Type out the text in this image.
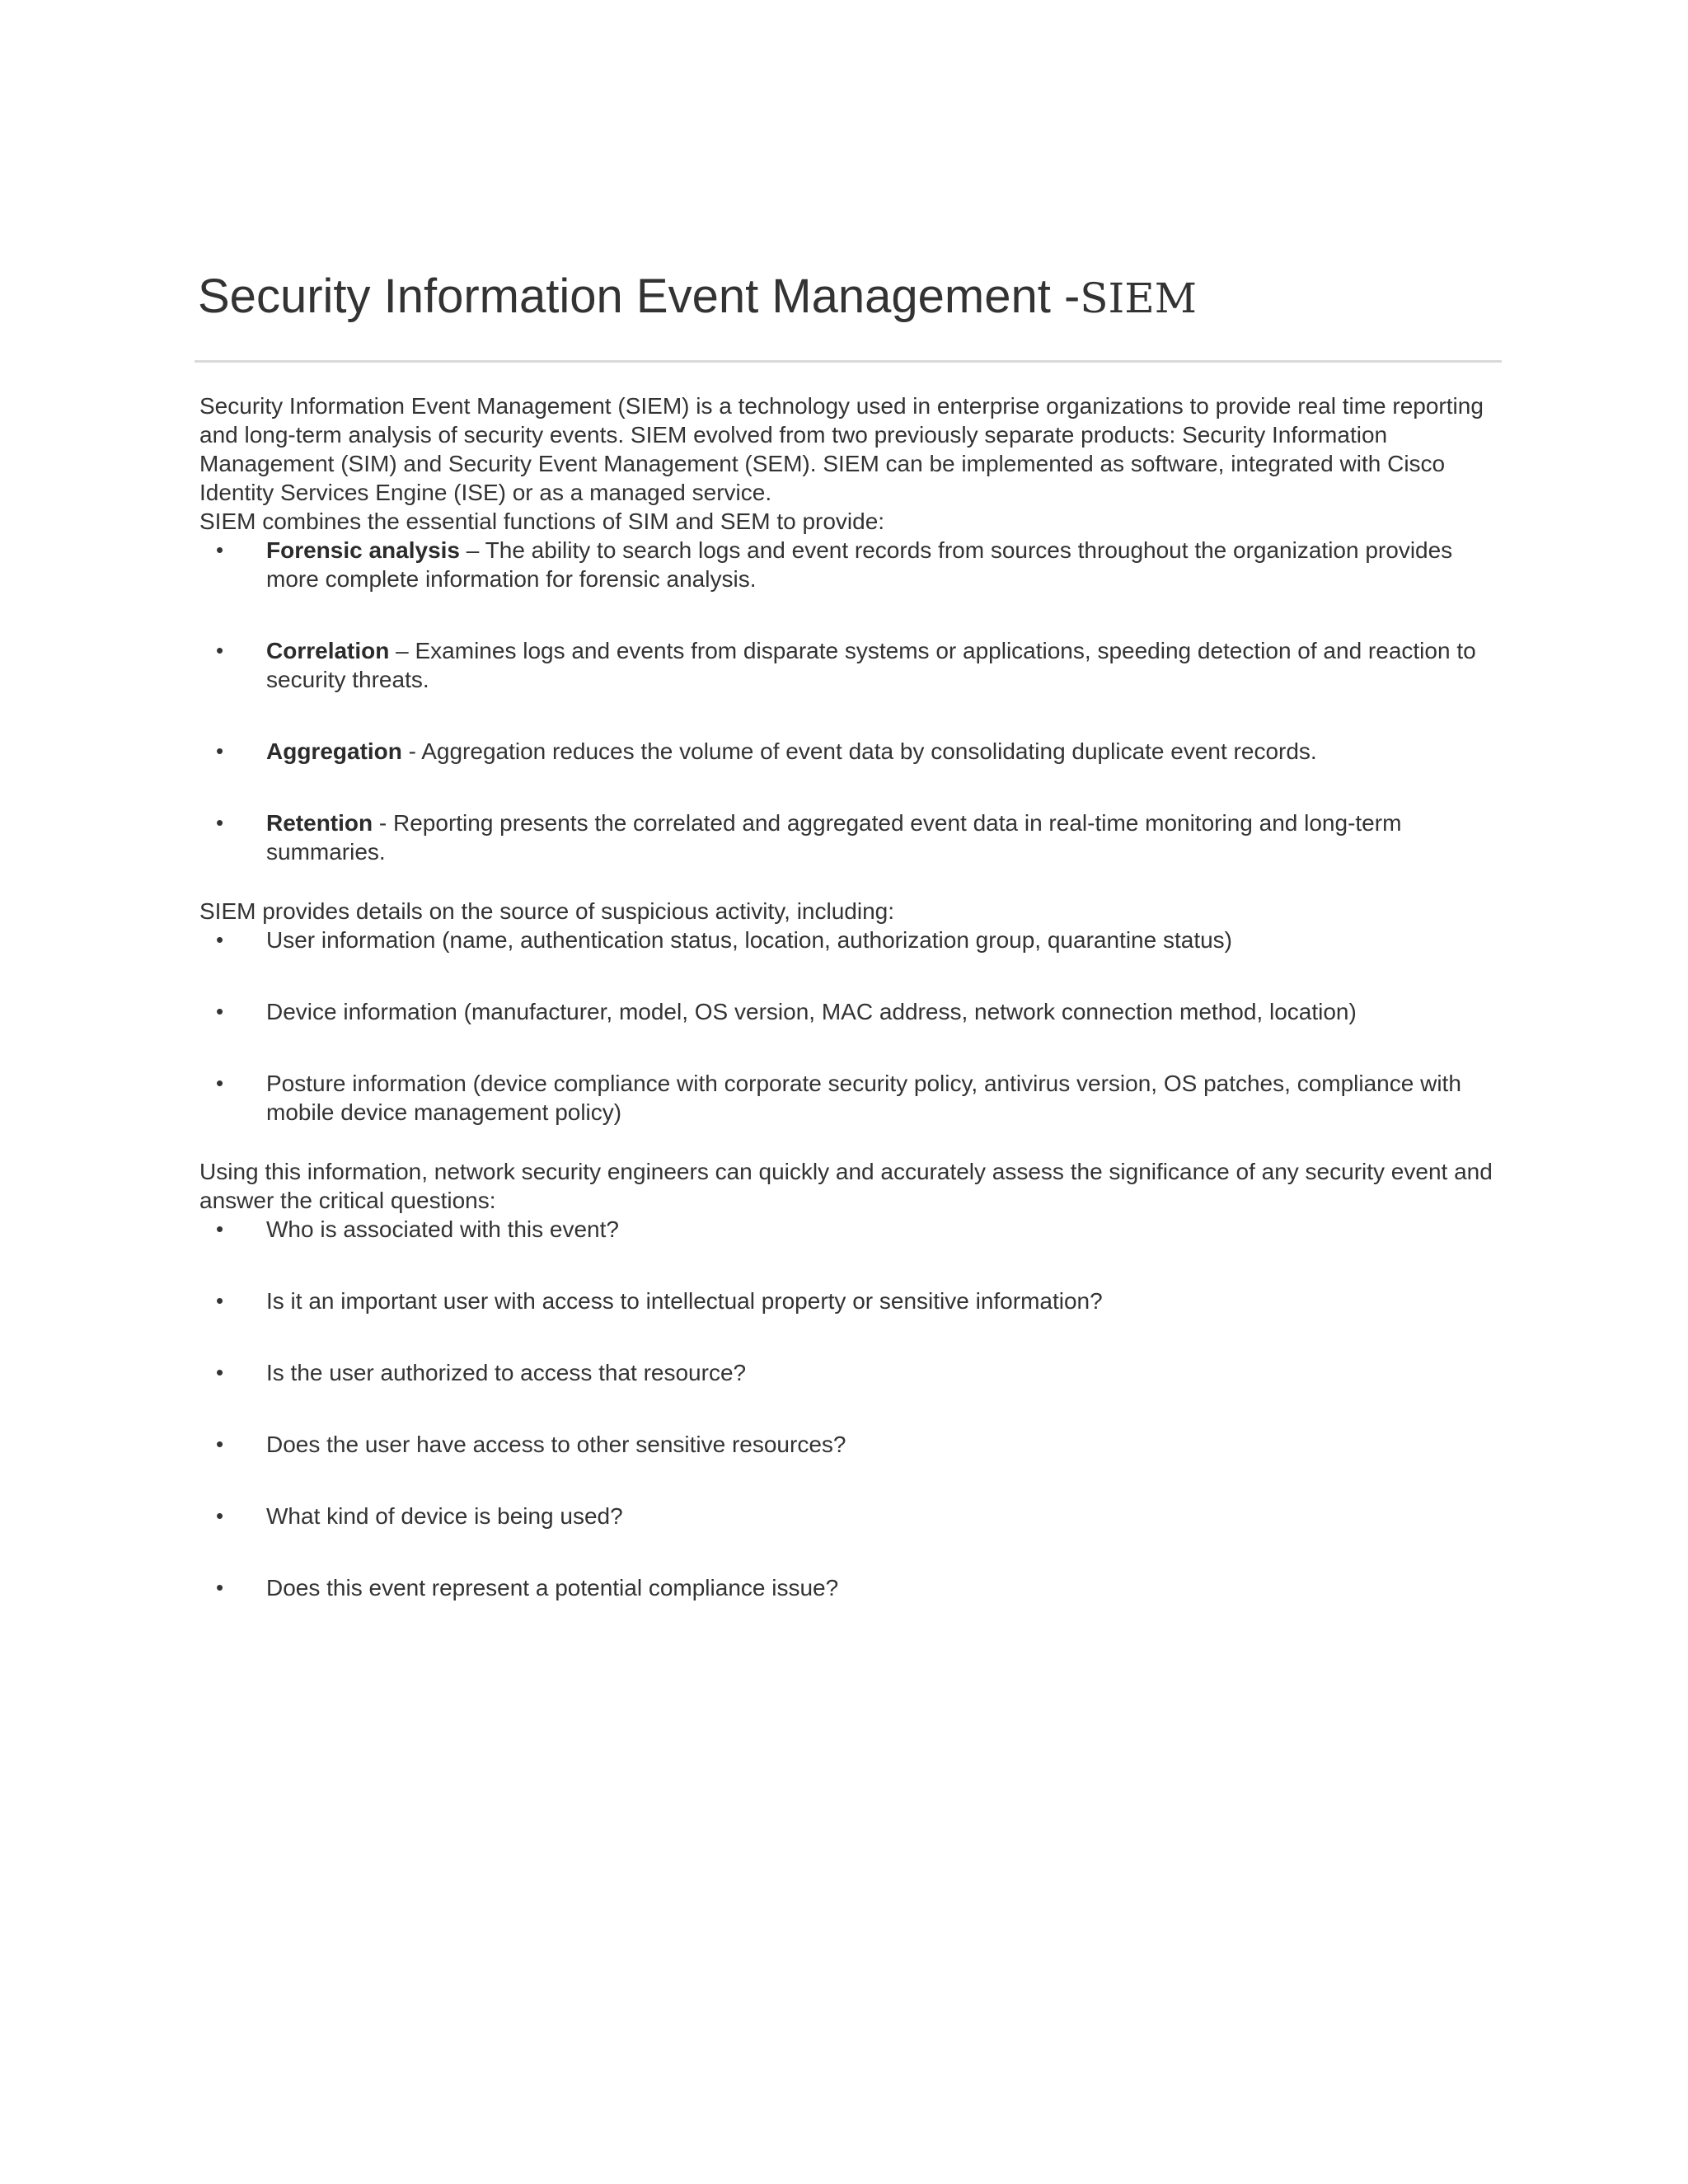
Security Information Event Management -SIEM

Security Information Event Management (SIEM) is a technology used in enterprise organizations to provide real time reporting and long-term analysis of security events. SIEM evolved from two previously separate products: Security Information Management (SIM) and Security Event Management (SEM). SIEM can be implemented as software, integrated with Cisco Identity Services Engine (ISE) or as a managed service.

SIEM combines the essential functions of SIM and SEM to provide:

• Forensic analysis – The ability to search logs and event records from sources throughout the organization provides more complete information for forensic analysis.
• Correlation – Examines logs and events from disparate systems or applications, speeding detection of and reaction to security threats.
• Aggregation - Aggregation reduces the volume of event data by consolidating duplicate event records.
• Retention - Reporting presents the correlated and aggregated event data in real-time monitoring and long-term summaries.

SIEM provides details on the source of suspicious activity, including:

• User information (name, authentication status, location, authorization group, quarantine status)
• Device information (manufacturer, model, OS version, MAC address, network connection method, location)
• Posture information (device compliance with corporate security policy, antivirus version, OS patches, compliance with mobile device management policy)

Using this information, network security engineers can quickly and accurately assess the significance of any security event and answer the critical questions:

• Who is associated with this event?
• Is it an important user with access to intellectual property or sensitive information?
• Is the user authorized to access that resource?
• Does the user have access to other sensitive resources?
• What kind of device is being used?
• Does this event represent a potential compliance issue?
